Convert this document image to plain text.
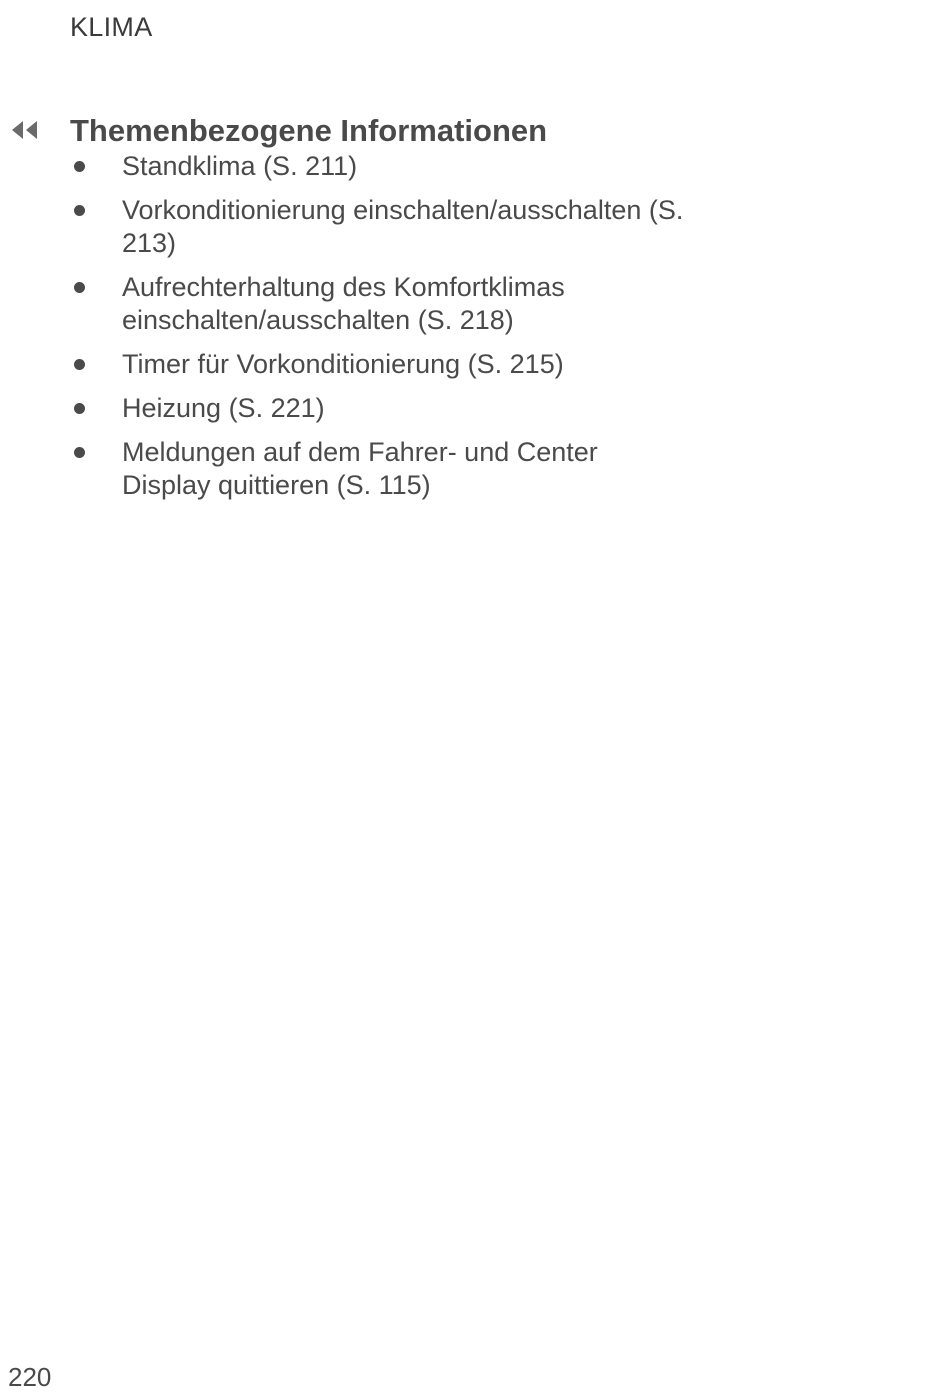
KLIMA
Themenbezogene Informationen
Standklima (S. 211)
Vorkonditionierung einschalten/ausschalten (S. 213)
Aufrechterhaltung des Komfortklimas einschalten/ausschalten (S. 218)
Timer für Vorkonditionierung (S. 215)
Heizung (S. 221)
Meldungen auf dem Fahrer- und Center Display quittieren (S. 115)
220
